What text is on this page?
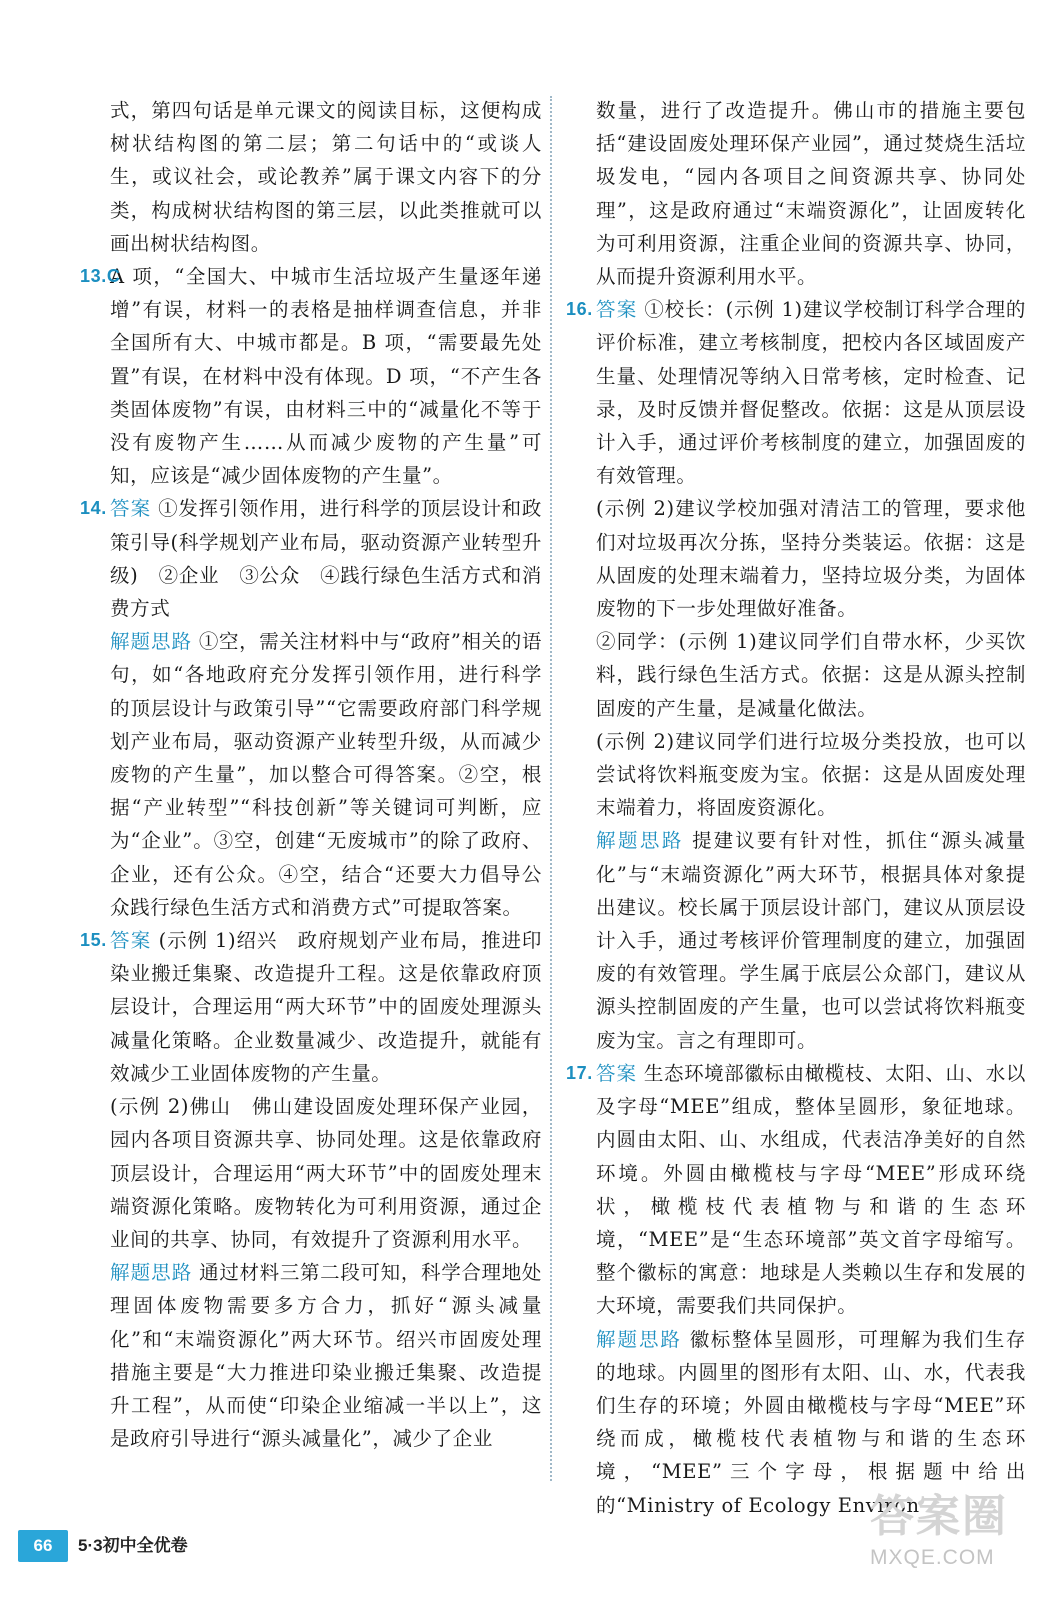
式，第四句话是单元课文的阅读目标，这便构成树状结构图的第二层；第二句话中的“或谈人生，或议社会，或论教养”属于课文内容下的分类，构成树状结构图的第三层，以此类推就可以画出树状结构图。

13.C
A 项，“全国大、中城市生活垃圾产生量逐年递增”有误，材料一的表格是抽样调查信息，并非全国所有大、中城市都是。B 项，“需要最先处置”有误，在材料中没有体现。D 项，“不产生各类固体废物”有误，由材料三中的“减量化不等于没有废物产生……从而减少废物的产生量”可知，应该是“减少固体废物的产生量”。
14. 答案 ①发挥引领作用，进行科学的顶层设计和政策引导(科学规划产业布局，驱动资源产业转型升级)　②企业　③公众　④践行绿色生活方式和消费方式

解题思路 ①空，需关注材料中与“政府”相关的语句，如“各地政府充分发挥引领作用，进行科学的顶层设计与政策引导”“它需要政府部门科学规划产业布局，驱动资源产业转型升级，从而减少废物的产生量”，加以整合可得答案。②空，根据“产业转型”“科技创新”等关键词可判断，应为“企业”。③空，创建“无废城市”的除了政府、企业，还有公众。④空，结合“还要大力倡导公众践行绿色生活方式和消费方式”可提取答案。

15. 答案 (示例 1)绍兴　政府规划产业布局，推进印染业搬迁集聚、改造提升工程。这是依靠政府顶层设计，合理运用“两大环节”中的固废处理源头减量化策略。企业数量减少、改造提升，就能有效减少工业固体废物的产生量。

(示例 2)佛山　佛山建设固废处理环保产业园，园内各项目资源共享、协同处理。这是依靠政府顶层设计，合理运用“两大环节”中的固废处理末端资源化策略。废物转化为可利用资源，通过企业间的共享、协同，有效提升了资源利用水平。

解题思路 通过材料三第二段可知，科学合理地处理固体废物需要多方合力，抓好“源头减量化”和“末端资源化”两大环节。绍兴市固废处理措施主要是“大力推进印染业搬迁集聚、改造提升工程”，从而使“印染企业缩减一半以上”，这是政府引导进行“源头减量化”，减少了企业

数量，进行了改造提升。佛山市的措施主要包括“建设固废处理环保产业园”，通过焚烧生活垃圾发电，“园内各项目之间资源共享、协同处理”，这是政府通过“末端资源化”，让固废转化为可利用资源，注重企业间的资源共享、协同，从而提升资源利用水平。

16. 答案 ①校长：(示例 1)建议学校制订科学合理的评价标准，建立考核制度，把校内各区域固废产生量、处理情况等纳入日常考核，定时检查、记录，及时反馈并督促整改。依据：这是从顶层设计入手，通过评价考核制度的建立，加强固废的有效管理。

(示例 2)建议学校加强对清洁工的管理，要求他们对垃圾再次分拣，坚持分类装运。依据：这是从固废的处理末端着力，坚持垃圾分类，为固体废物的下一步处理做好准备。

②同学：(示例 1)建议同学们自带水杯，少买饮料，践行绿色生活方式。依据：这是从源头控制固废的产生量，是减量化做法。

(示例 2)建议同学们进行垃圾分类投放，也可以尝试将饮料瓶变废为宝。依据：这是从固废处理末端着力，将固废资源化。

解题思路 提建议要有针对性，抓住“源头减量化”与“末端资源化”两大环节，根据具体对象提出建议。校长属于顶层设计部门，建议从顶层设计入手，通过考核评价管理制度的建立，加强固废的有效管理。学生属于底层公众部门，建议从源头控制固废的产生量，也可以尝试将饮料瓶变废为宝。言之有理即可。

17. 答案 生态环境部徽标由橄榄枝、太阳、山、水以及字母“MEE”组成，整体呈圆形，象征地球。内圆由太阳、山、水组成，代表洁净美好的自然环境。外圆由橄榄枝与字母“MEE”形成环绕状，橄榄枝代表植物与和谐的生态环境，“MEE”是“生态环境部”英文首字母缩写。整个徽标的寓意：地球是人类赖以生存和发展的大环境，需要我们共同保护。

解题思路 徽标整体呈圆形，可理解为我们生存的地球。内圆里的图形有太阳、山、水，代表我们生存的环境；外圆由橄榄枝与字母“MEE”环绕而成，橄榄枝代表植物与和谐的生态环境，“MEE”三个字母，根据题中给出的“Ministry of Ecology Environ-

66	5·3初中全优卷
答案圈
MXQE.COM
